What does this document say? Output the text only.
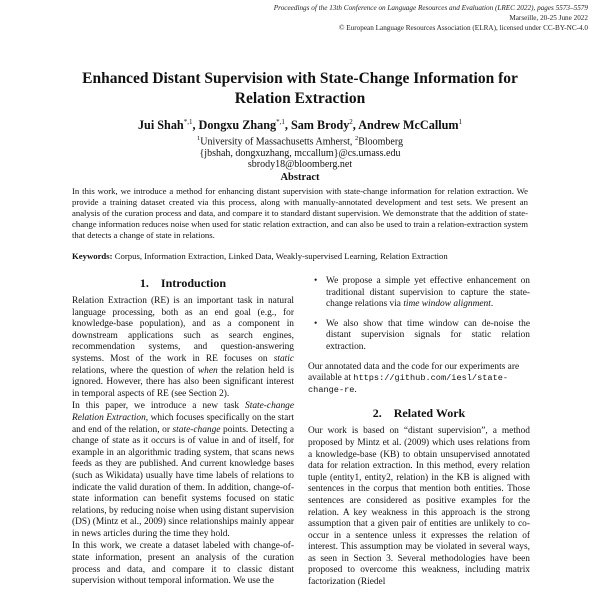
Proceedings of the 13th Conference on Language Resources and Evaluation (LREC 2022), pages 5573–5579
Marseille, 20-25 June 2022
© European Language Resources Association (ELRA), licensed under CC-BY-NC-4.0
Enhanced Distant Supervision with State-Change Information for
Relation Extraction
Jui Shah$^{*,1}$, Dongxu Zhang$^{*,1}$, Sam Brody$^2$, Andrew McCallum$^1$
$^1$University of Massachusetts Amherst, $^2$Bloomberg
{jbshah, dongxuzhang, mccallum}@cs.umass.edu
sbrody18@bloomberg.net
Abstract
In this work, we introduce a method for enhancing distant supervision with state-change information for relation extraction. We provide a training dataset created via this process, along with manually-annotated development and test sets. We present an analysis of the curation process and data, and compare it to standard distant supervision. We demonstrate that the addition of state-change information reduces noise when used for static relation extraction, and can also be used to train a relation-extraction system that detects a change of state in relations.
Keywords: Corpus, Information Extraction, Linked Data, Weakly-supervised Learning, Relation Extraction
1. Introduction

Relation Extraction (RE) is an important task in natural language processing, both as an end goal (e.g., for knowledge-base population), and as a component in downstream applications such as search engines, recommendation systems, and question-answering systems. Most of the work in RE focuses on static relations, where the question of when the relation held is ignored. However, there has also been significant interest in temporal aspects of RE (see Section 2).

In this paper, we introduce a new task State-change Relation Extraction, which focuses specifically on the start and end of the relation, or state-change points. Detecting a change of state as it occurs is of value in and of itself, for example in an algorithmic trading system, that scans news feeds as they are published. And current knowledge bases (such as Wikidata) usually have time labels of relations to indicate the valid duration of them. In addition, change-of-state information can benefit systems focused on static relations, by reducing noise when using distant supervision (DS) (Mintz et al., 2009) since relationships mainly appear in news articles during the time they hold.

In this work, we create a dataset labeled with change-of-state information, present an analysis of the curation process and data, and compare it to classic distant supervision without temporal information. We use the

• We propose a simple yet effective enhancement on traditional distant supervision to capture the state-change relations via time window alignment.
• We also show that time window can de-noise the distant supervision signals for static relation extraction.

Our annotated data and the code for our experiments are available at https://github.com/iesl/state-change-re.

2. Related Work

Our work is based on “distant supervision”, a method proposed by Mintz et al. (2009) which uses relations from a knowledge-base (KB) to obtain unsupervised annotated data for relation extraction. In this method, every relation tuple (entity1, entity2, relation) in the KB is aligned with sentences in the corpus that mention both entities. Those sentences are considered as positive examples for the relation. A key weakness in this approach is the strong assumption that a given pair of entities are unlikely to co-occur in a sentence unless it expresses the relation of interest. This assumption may be violated in several ways, as seen in Section 3. Several methodologies have been proposed to overcome this weakness, including matrix factorization (Riedel
